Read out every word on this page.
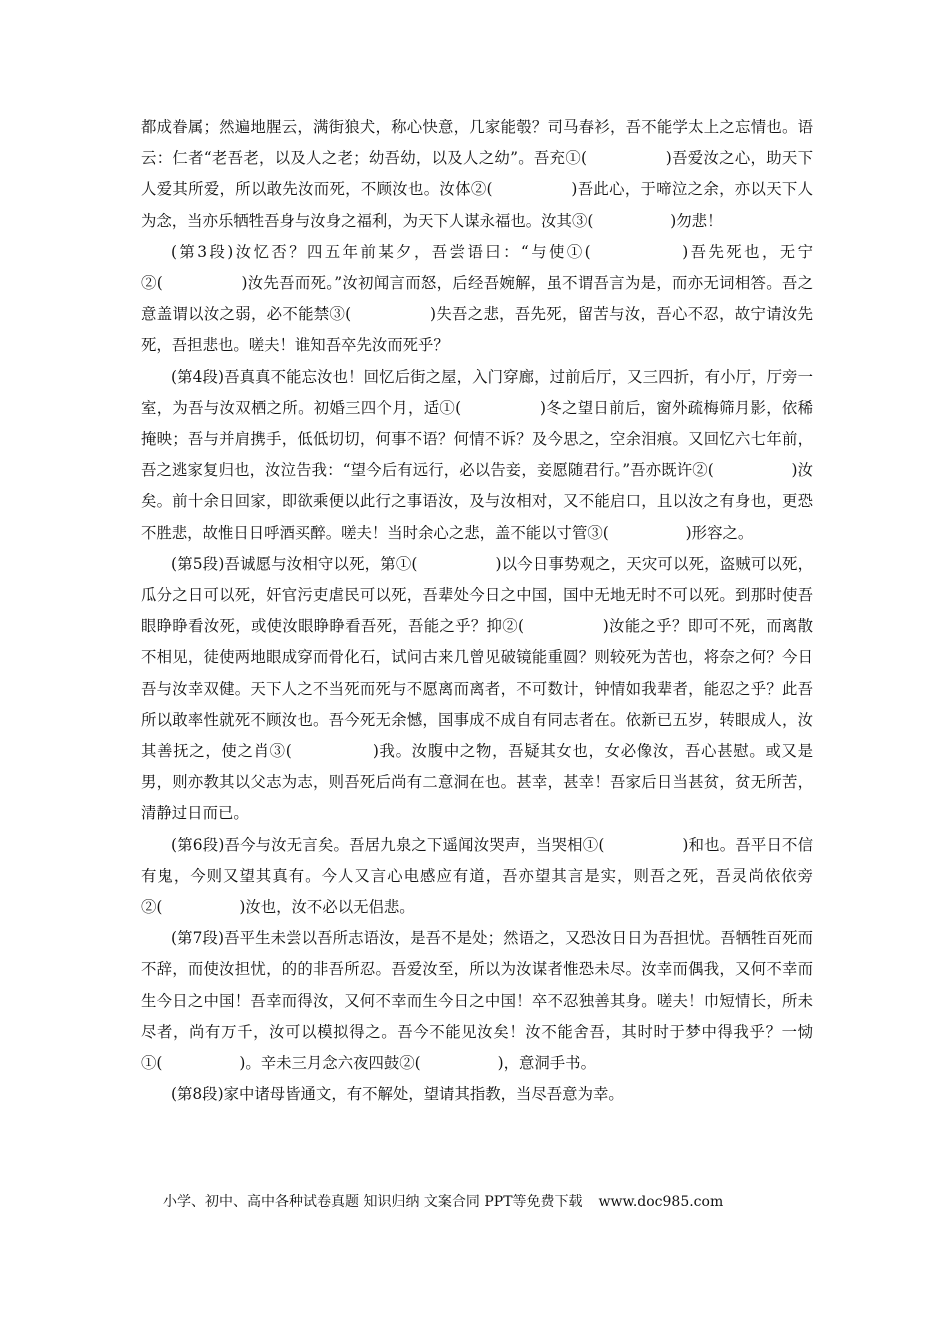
都成眷属；然遍地腥云，满街狼犬，称心快意，几家能彀？司马春衫，吾不能学太上之忘情也。语云：仁者“老吾老，以及人之老；幼吾幼，以及人之幼”。吾充①(　　　　　)吾爱汝之心，助天下人爱其所爱，所以敢先汝而死，不顾汝也。汝体②(　　　　　)吾此心，于啼泣之余，亦以天下人为念，当亦乐牺牲吾身与汝身之福利，为天下人谋永福也。汝其③(　　　　　)勿悲！

(第3段)汝忆否？四五年前某夕，吾尝语曰：“与使①(　　　　　)吾先死也，无宁②(　　　　　)汝先吾而死。”汝初闻言而怒，后经吾婉解，虽不谓吾言为是，而亦无词相答。吾之意盖谓以汝之弱，必不能禁③(　　　　　)失吾之悲，吾先死，留苦与汝，吾心不忍，故宁请汝先死，吾担悲也。嗟夫！谁知吾卒先汝而死乎？

(第4段)吾真真不能忘汝也！回忆后街之屋，入门穿廊，过前后厅，又三四折，有小厅，厅旁一室，为吾与汝双栖之所。初婚三四个月，适①(　　　　　)冬之望日前后，窗外疏梅筛月影，依稀掩映；吾与并肩携手，低低切切，何事不语？何情不诉？及今思之，空余泪痕。又回忆六七年前，吾之逃家复归也，汝泣告我：“望今后有远行，必以告妾，妾愿随君行。”吾亦既许②(　　　　　)汝矣。前十余日回家，即欲乘便以此行之事语汝，及与汝相对，又不能启口，且以汝之有身也，更恐不胜悲，故惟日日呼酒买醉。嗟夫！当时余心之悲，盖不能以寸管③(　　　　　)形容之。

(第5段)吾诚愿与汝相守以死，第①(　　　　　)以今日事势观之，天灾可以死，盗贼可以死，瓜分之日可以死，奸官污吏虐民可以死，吾辈处今日之中国，国中无地无时不可以死。到那时使吾眼睁睁看汝死，或使汝眼睁睁看吾死，吾能之乎？抑②(　　　　　)汝能之乎？即可不死，而离散不相见，徒使两地眼成穿而骨化石，试问古来几曾见破镜能重圆？则较死为苦也，将奈之何？今日吾与汝幸双健。天下人之不当死而死与不愿离而离者，不可数计，钟情如我辈者，能忍之乎？此吾所以敢率性就死不顾汝也。吾今死无余憾，国事成不成自有同志者在。依新已五岁，转眼成人，汝其善抚之，使之肖③(　　　　　)我。汝腹中之物，吾疑其女也，女必像汝，吾心甚慰。或又是男，则亦教其以父志为志，则吾死后尚有二意洞在也。甚幸，甚幸！吾家后日当甚贫，贫无所苦，清静过日而已。

(第6段)吾今与汝无言矣。吾居九泉之下遥闻汝哭声，当哭相①(　　　　　)和也。吾平日不信有鬼，今则又望其真有。今人又言心电感应有道，吾亦望其言是实，则吾之死，吾灵尚依依旁②(　　　　　)汝也，汝不必以无侣悲。

(第7段)吾平生未尝以吾所志语汝，是吾不是处；然语之，又恐汝日日为吾担忧。吾牺牲百死而不辞，而使汝担忧，的的非吾所忍。吾爱汝至，所以为汝谋者惟恐未尽。汝幸而偶我，又何不幸而生今日之中国！吾幸而得汝，又何不幸而生今日之中国！卒不忍独善其身。嗟夫！巾短情长，所未尽者，尚有万千，汝可以模拟得之。吾今不能见汝矣！汝不能舍吾，其时时于梦中得我乎？一恸①(　　　　　)。辛未三月念六夜四鼓②(　　　　　)，意洞手书。

(第8段)家中诸母皆通文，有不解处，望请其指教，当尽吾意为幸。

小学、初中、高中各种试卷真题 知识归纳 文案合同 PPT等免费下载 www.doc985.com
